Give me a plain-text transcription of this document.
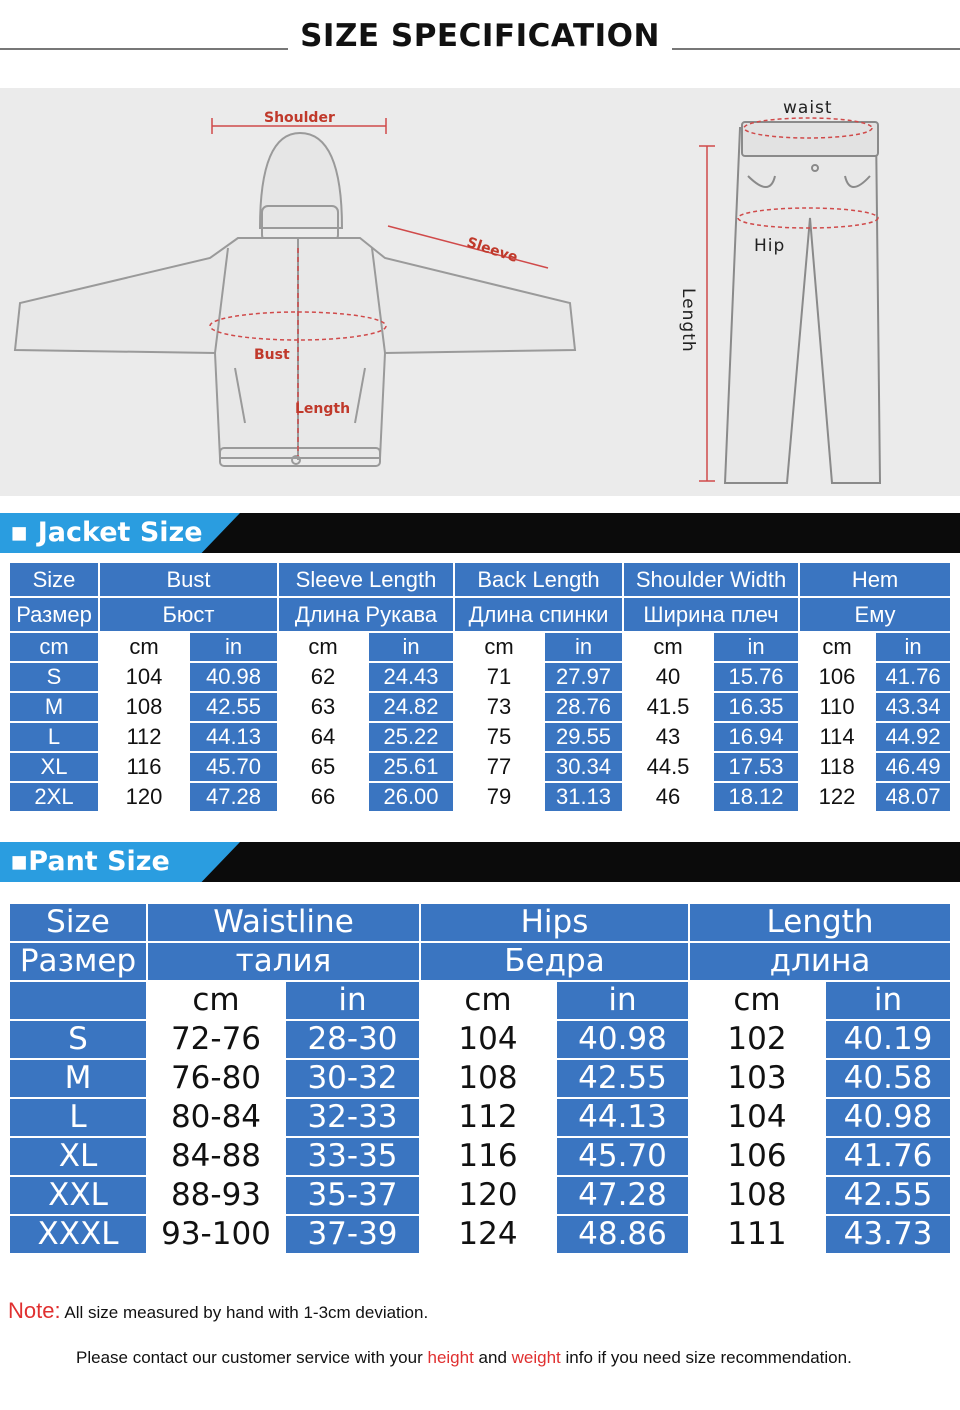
SIZE SPECIFICATION
Shoulder
Sleeve
Bust
Length
waist
Hip
Length
▪ Jacket Size
Size	Bust		Sleeve Length		Back Length		Shoulder Width		Hem	
Размер	Бюст		Длина Рукава		Длина спинки		Ширина плеч		Ему	
cm	cm	in	cm	in	cm	in	cm	in	cm	in
S	104	40.98	62	24.43	71	27.97	40	15.76	106	41.76
M	108	42.55	63	24.82	73	28.76	41.5	16.35	110	43.34
L	112	44.13	64	25.22	75	29.55	43	16.94	114	44.92
XL	116	45.70	65	25.61	77	30.34	44.5	17.53	118	46.49
2XL	120	47.28	66	26.00	79	31.13	46	18.12	122	48.07
▪Pant Size
Size	Waistline		Hips		Length	
Размер	талия		Бедра		длина	
	cm	in	cm	in	cm	in
S	72-76	28-30	104	40.98	102	40.19
M	76-80	30-32	108	42.55	103	40.58
L	80-84	32-33	112	44.13	104	40.98
XL	84-88	33-35	116	45.70	106	41.76
XXL	88-93	35-37	120	47.28	108	42.55
XXXL	93-100	37-39	124	48.86	111	43.73
Note: All size measured by hand with 1-3cm deviation.
Please contact our customer service with your height and weight info if you need size recommendation.
